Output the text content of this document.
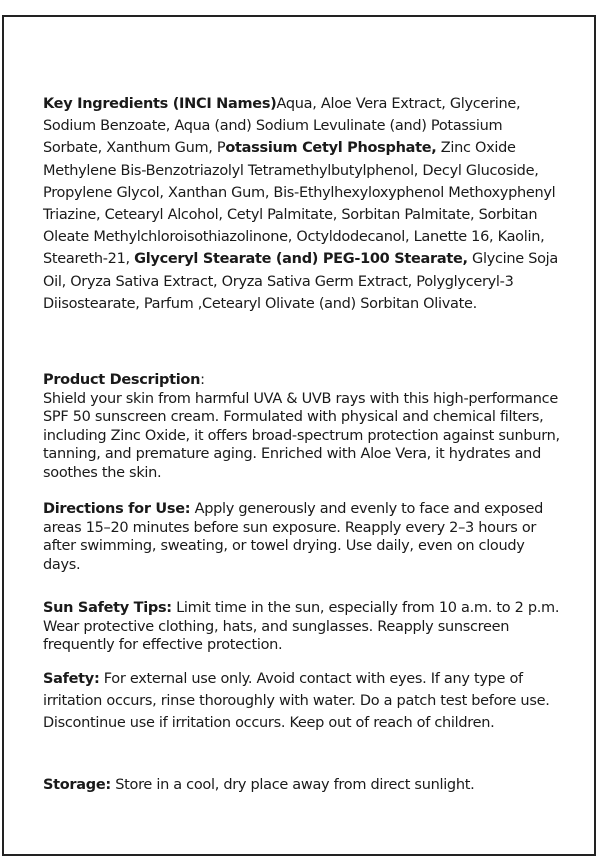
Key Ingredients (INCI Names)Aqua, Aloe Vera Extract, Glycerine, Sodium Benzoate, Aqua (and) Sodium Levulinate (and) Potassium Sorbate, Xanthum Gum, Potassium Cetyl Phosphate, Zinc Oxide Methylene Bis-Benzotriazolyl Tetramethylbutylphenol, Decyl Glucoside, Propylene Glycol, Xanthan Gum, Bis-Ethylhexyloxyphenol Methoxyphenyl Triazine, Cetearyl Alcohol, Cetyl Palmitate, Sorbitan Palmitate, Sorbitan Oleate Methylchloroisothiazolinone, Octyldodecanol, Lanette 16, Kaolin, Steareth-21, Glyceryl Stearate (and) PEG-100 Stearate, Glycine Soja Oil, Oryza Sativa Extract, Oryza Sativa Germ Extract, Polyglyceryl-3 Diisostearate, Parfum ,Cetearyl Olivate (and) Sorbitan Olivate.

Product Description:
Shield your skin from harmful UVA & UVB rays with this high-performance SPF 50 sunscreen cream. Formulated with physical and chemical filters, including Zinc Oxide, it offers broad-spectrum protection against sunburn, tanning, and premature aging. Enriched with Aloe Vera, it hydrates and soothes the skin.

Directions for Use: Apply generously and evenly to face and exposed areas 15–20 minutes before sun exposure. Reapply every 2–3 hours or after swimming, sweating, or towel drying. Use daily, even on cloudy days.

Sun Safety Tips: Limit time in the sun, especially from 10 a.m. to 2 p.m. Wear protective clothing, hats, and sunglasses. Reapply sunscreen frequently for effective protection.

Safety: For external use only. Avoid contact with eyes. If any type of irritation occurs, rinse thoroughly with water. Do a patch test before use. Discontinue use if irritation occurs. Keep out of reach of children.

Storage: Store in a cool, dry place away from direct sunlight.
